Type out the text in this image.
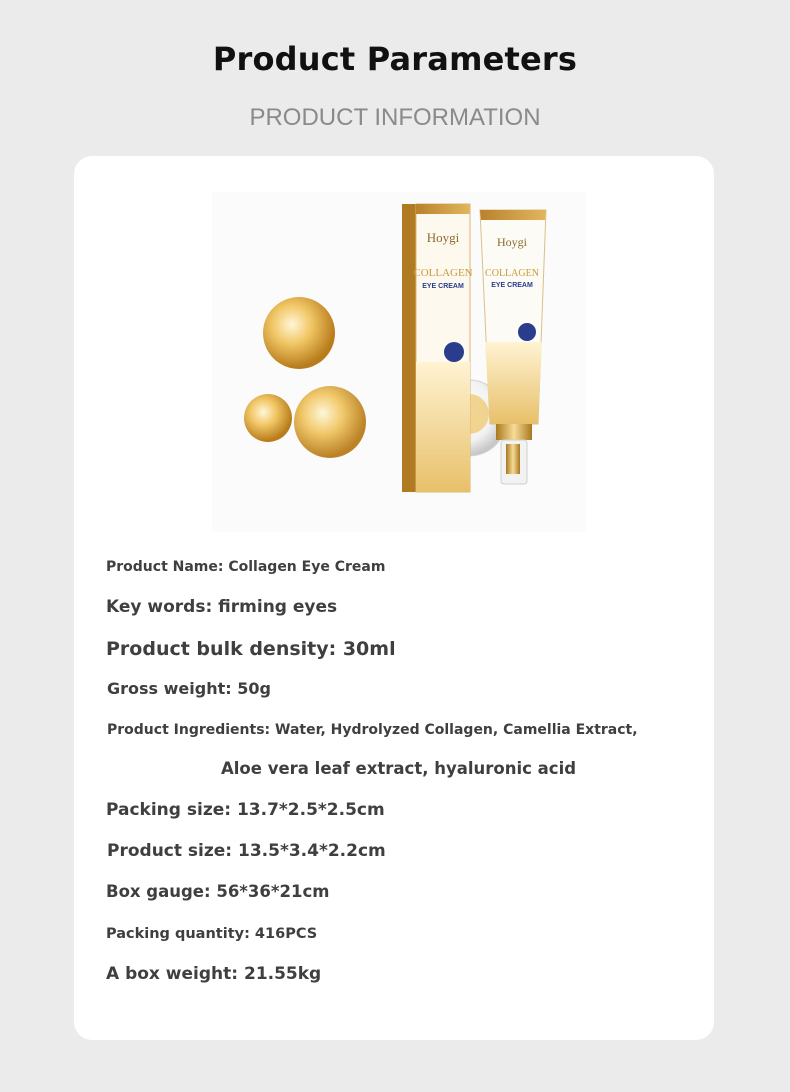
Product Parameters
PRODUCT INFORMATION
Hoygi
COLLAGEN
EYE CREAM
Hoygi
COLLAGEN
EYE CREAM
Product Name: Collagen Eye Cream
Key words: firming eyes
Product bulk density: 30ml
Gross weight: 50g
Product Ingredients: Water, Hydrolyzed Collagen, Camellia Extract,
Aloe vera leaf extract, hyaluronic acid
Packing size: 13.7*2.5*2.5cm
Product size: 13.5*3.4*2.2cm
Box gauge: 56*36*21cm
Packing quantity: 416PCS
A box weight: 21.55kg
